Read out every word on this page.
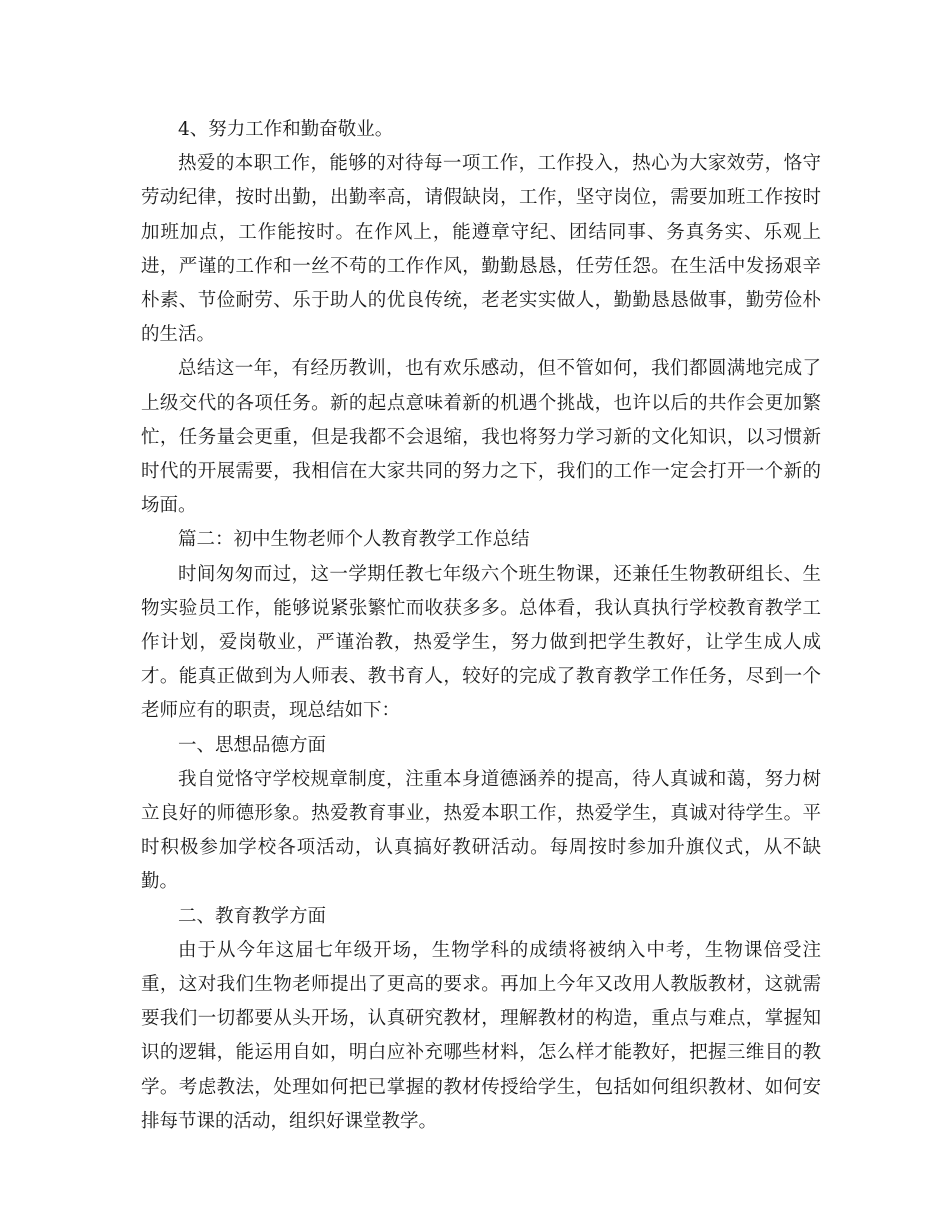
4、努力工作和勤奋敬业。

热爱的本职工作，能够的对待每一项工作，工作投入，热心为大家效劳，恪守劳动纪律，按时出勤，出勤率高，请假缺岗，工作，坚守岗位，需要加班工作按时加班加点，工作能按时。在作风上，能遵章守纪、团结同事、务真务实、乐观上进，严谨的工作和一丝不苟的工作作风，勤勤恳恳，任劳任怨。在生活中发扬艰辛朴素、节俭耐劳、乐于助人的优良传统，老老实实做人，勤勤恳恳做事，勤劳俭朴的生活。

总结这一年，有经历教训，也有欢乐感动，但不管如何，我们都圆满地完成了上级交代的各项任务。新的起点意味着新的机遇个挑战，也许以后的共作会更加繁忙，任务量会更重，但是我都不会退缩，我也将努力学习新的文化知识，以习惯新时代的开展需要，我相信在大家共同的努力之下，我们的工作一定会打开一个新的场面。

篇二：初中生物老师个人教育教学工作总结

时间匆匆而过，这一学期任教七年级六个班生物课，还兼任生物教研组长、生物实验员工作，能够说紧张繁忙而收获多多。总体看，我认真执行学校教育教学工作计划，爱岗敬业，严谨治教，热爱学生，努力做到把学生教好，让学生成人成才。能真正做到为人师表、教书育人，较好的完成了教育教学工作任务，尽到一个老师应有的职责，现总结如下：

一、思想品德方面

我自觉恪守学校规章制度，注重本身道德涵养的提高，待人真诚和蔼，努力树立良好的师德形象。热爱教育事业，热爱本职工作，热爱学生，真诚对待学生。平时积极参加学校各项活动，认真搞好教研活动。每周按时参加升旗仪式，从不缺勤。

二、教育教学方面

由于从今年这届七年级开场，生物学科的成绩将被纳入中考，生物课倍受注重，这对我们生物老师提出了更高的要求。再加上今年又改用人教版教材，这就需要我们一切都要从头开场，认真研究教材，理解教材的构造，重点与难点，掌握知识的逻辑，能运用自如，明白应补充哪些材料，怎么样才能教好，把握三维目的教学。考虑教法，处理如何把已掌握的教材传授给学生，包括如何组织教材、如何安排每节课的活动，组织好课堂教学。
